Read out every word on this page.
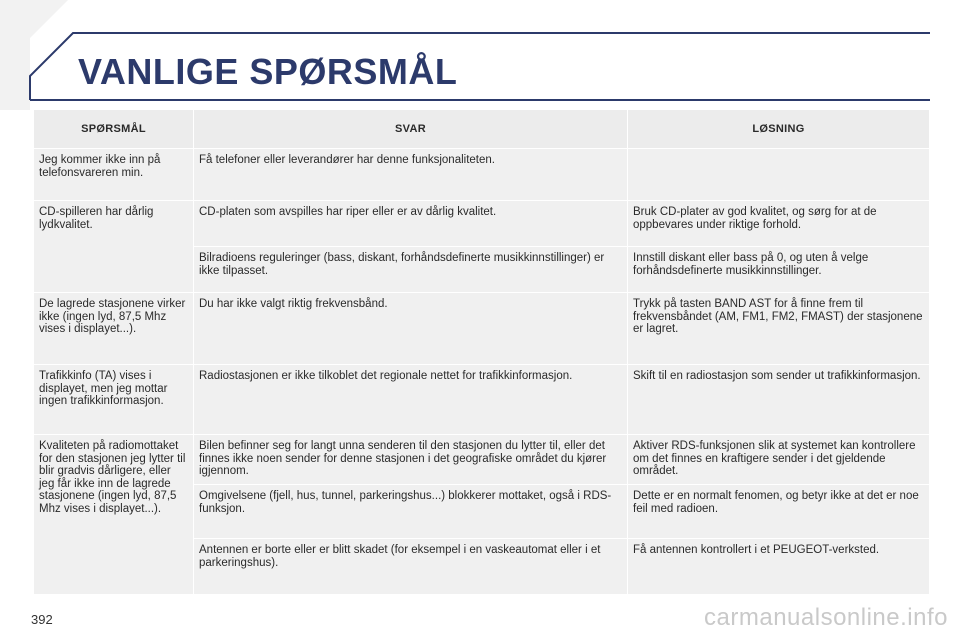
VANLIGE SPØRSMÅL
SPØRSMÅL	SVAR	LØSNING
Jeg kommer ikke inn på telefonsvareren min.	Få telefoner eller leverandører har denne funksjonaliteten.	
CD-spilleren har dårlig lydkvalitet.	CD-platen som avspilles har riper eller er av dårlig kvalitet.	Bruk CD-plater av god kvalitet, og sørg for at de oppbevares under riktige forhold.
	Bilradioens reguleringer (bass, diskant, forhåndsdefinerte musikkinnstillinger) er ikke tilpasset.	Innstill diskant eller bass på 0, og uten å velge forhåndsdefinerte musikkinnstillinger.
De lagrede stasjonene virker ikke (ingen lyd, 87,5 Mhz vises i displayet...).	Du har ikke valgt riktig frekvensbånd.	Trykk på tasten BAND AST for å finne frem til frekvensbåndet (AM, FM1, FM2, FMAST) der stasjonene er lagret.
Trafikkinfo (TA) vises i displayet, men jeg mottar ingen trafikkinformasjon.	Radiostasjonen er ikke tilkoblet det regionale nettet for trafikkinformasjon.	Skift til en radiostasjon som sender ut trafikkinformasjon.
Kvaliteten på radiomottaket for den stasjonen jeg lytter til blir gradvis dårligere, eller jeg får ikke inn de lagrede stasjonene (ingen lyd, 87,5 Mhz vises i displayet...).	Bilen befinner seg for langt unna senderen til den stasjonen du lytter til, eller det finnes ikke noen sender for denne stasjonen i det geografiske området du kjører igjennom.	Aktiver RDS-funksjonen slik at systemet kan kontrollere om det finnes en kraftigere sender i det gjeldende området.
	Omgivelsene (fjell, hus, tunnel, parkeringshus...) blokkerer mottaket, også i RDS-funksjon.	Dette er en normalt fenomen, og betyr ikke at det er noe feil med radioen.
	Antennen er borte eller er blitt skadet (for eksempel i en vaskeautomat eller i et parkeringshus).	Få antennen kontrollert i et PEUGEOT-verksted.
392	carmanualsonline.info
